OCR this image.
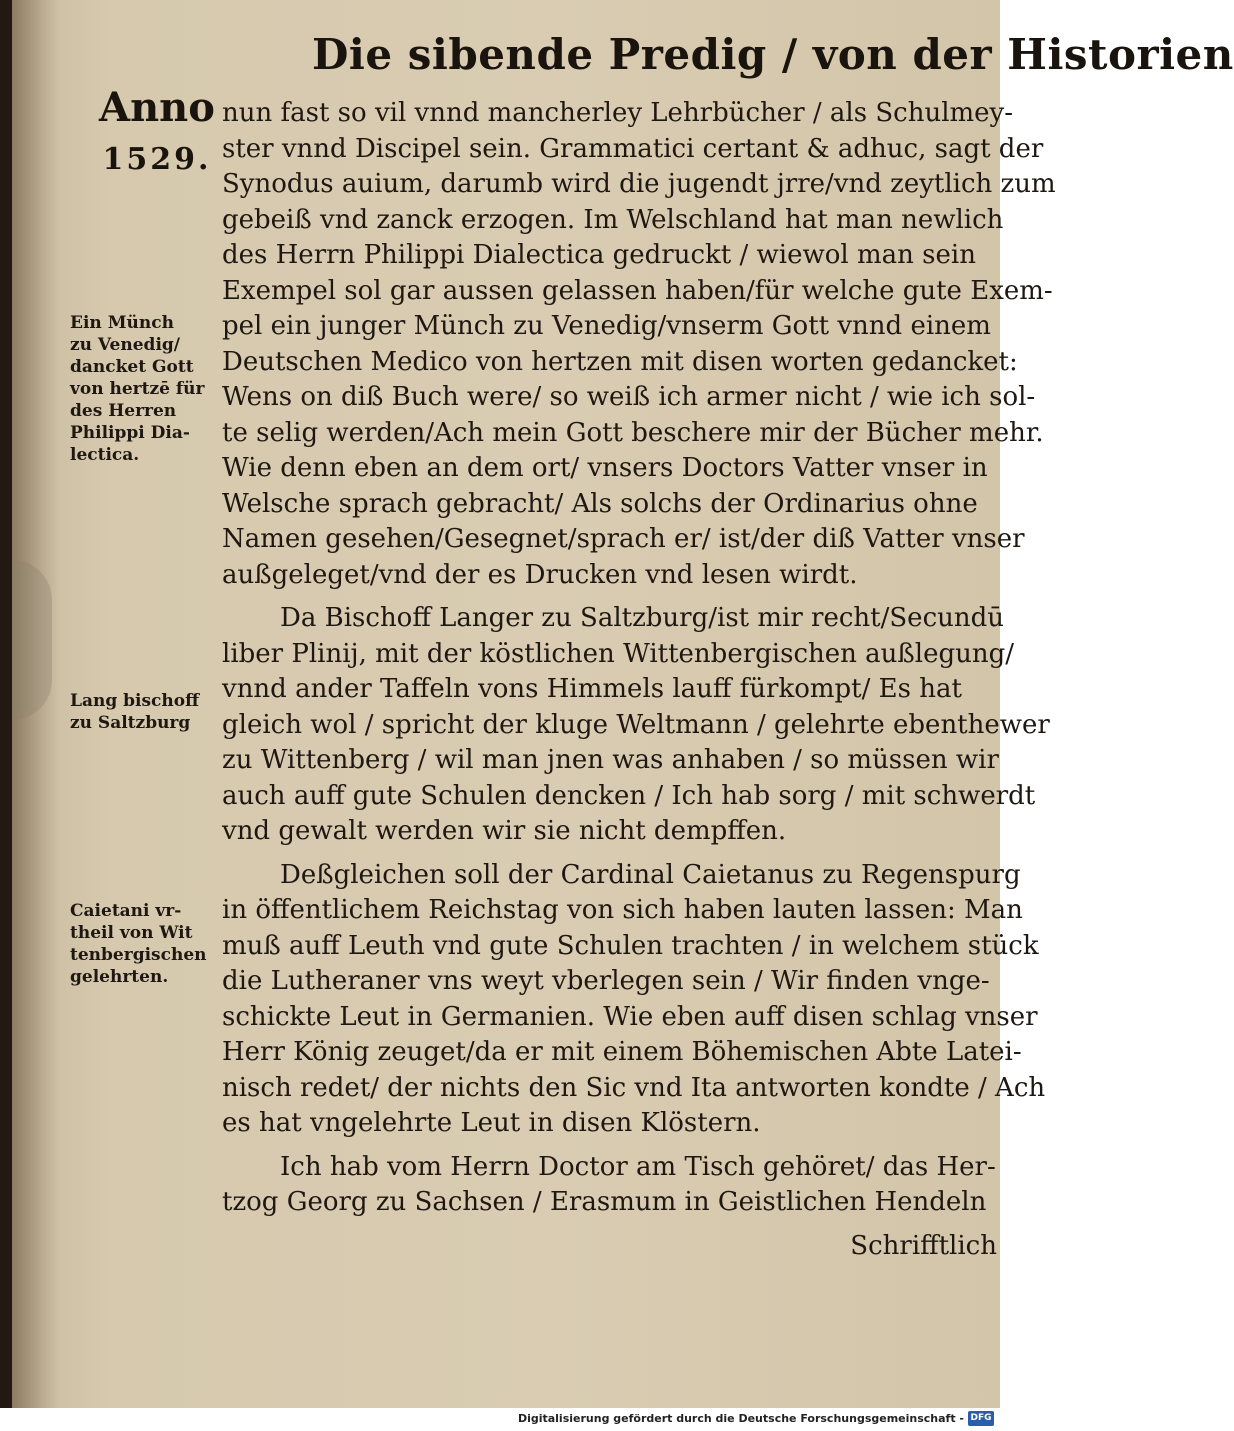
Die sibende Predig / von der Historien
Anno
1529.
Ein Münch
zu Venedig/
dancket Gott
von hertzē für
des Herren
Philippi Dia-
lectica.
Lang bischoff
zu Saltzburg
Caietani vr-
theil von Wit
tenbergischen
gelehrten.
nun fast so vil vnnd mancherley Lehrbücher / als Schulmey-
ster vnnd Discipel sein. Grammatici certant & adhuc, sagt der
Synodus auium, darumb wird die jugendt jrre/vnd zeytlich zum
gebeiß vnd zanck erzogen. Im Welschland hat man newlich
des Herrn Philippi Dialectica gedruckt / wiewol man sein
Exempel sol gar aussen gelassen haben/für welche gute Exem-
pel ein junger Münch zu Venedig/vnserm Gott vnnd einem
Deutschen Medico von hertzen mit disen worten gedancket:
Wens on diß Buch were/ so weiß ich armer nicht / wie ich sol-
te selig werden/Ach mein Gott beschere mir der Bücher mehr.
Wie denn eben an dem ort/ vnsers Doctors Vatter vnser in
Welsche sprach gebracht/ Als solchs der Ordinarius ohne
Namen gesehen/Gesegnet/sprach er/ ist/der diß Vatter vnser
außgeleget/vnd der es Drucken vnd lesen wirdt.
Da Bischoff Langer zu Saltzburg/ist mir recht/Secundū
liber Plinij, mit der köstlichen Wittenbergischen außlegung/
vnnd ander Taffeln vons Himmels lauff fürkompt/ Es hat
gleich wol / spricht der kluge Weltmann / gelehrte ebenthewer
zu Wittenberg / wil man jnen was anhaben / so müssen wir
auch auff gute Schulen dencken / Ich hab sorg / mit schwerdt
vnd gewalt werden wir sie nicht dempffen.
Deßgleichen soll der Cardinal Caietanus zu Regenspurg
in öffentlichem Reichstag von sich haben lauten lassen: Man
muß auff Leuth vnd gute Schulen trachten / in welchem stück
die Lutheraner vns weyt vberlegen sein / Wir finden vnge-
schickte Leut in Germanien. Wie eben auff disen schlag vnser
Herr König zeuget/da er mit einem Böhemischen Abte Latei-
nisch redet/ der nichts den Sic vnd Ita antworten kondte / Ach
es hat vngelehrte Leut in disen Klöstern.
Ich hab vom Herrn Doctor am Tisch gehöret/ das Her-
tzog Georg zu Sachsen / Erasmum in Geistlichen Hendeln
Schrifftlich
Digitalisierung gefördert durch die Deutsche Forschungsgemeinschaft - DFG
